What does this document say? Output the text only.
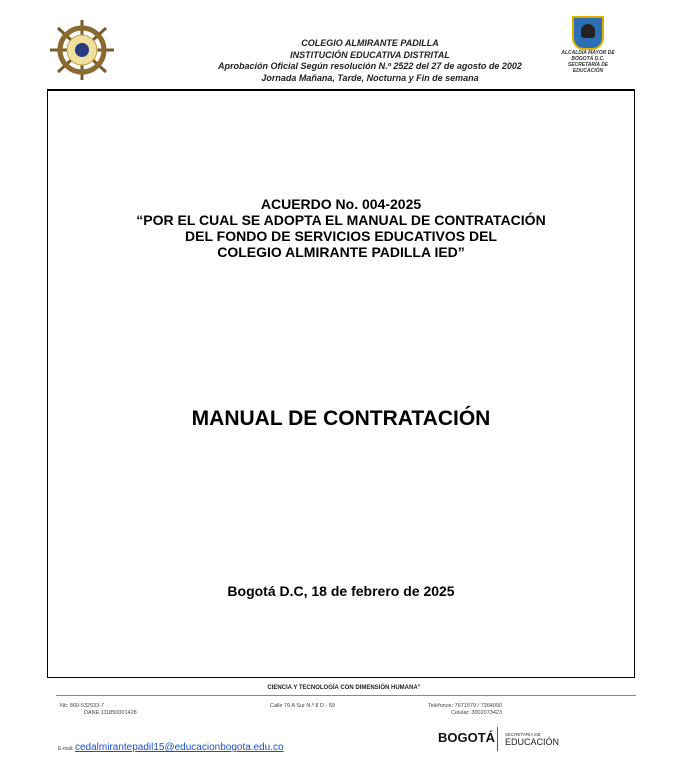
COLEGIO ALMIRANTE PADILLA
INSTITUCIÓN EDUCATIVA DISTRITAL
Aprobación Oficial Según resolución N.º 2522 del 27 de agosto de 2002
Jornada Mañana, Tarde, Nocturna y Fin de semana
ALCALDÍA MAYOR DE
BOGOTÁ D.C.
SECRETARÍA DE
EDUCACIÓN
ACUERDO No. 004-2025
“POR EL CUAL SE ADOPTA EL MANUAL DE CONTRATACIÓN
DEL FONDO DE SERVICIOS EDUCATIVOS DEL
COLEGIO ALMIRANTE PADILLA IED”
MANUAL DE CONTRATACIÓN
Bogotá D.C, 18 de febrero de 2025
CIENCIA Y TECNOLOGÍA CON DIMENSIÓN HUMANA”
Nit: 860-532533-7
DANE 111850001428
Calle 76 A Sur N.º 8 D - 59	Teléfonos: 7671579 / 7364090
Celular: 3002073423
E-mail: cedalmirantepadil15@educacionbogota.edu.co
BOGOTÁ SECRETARÍA DE
EDUCACIÓN
